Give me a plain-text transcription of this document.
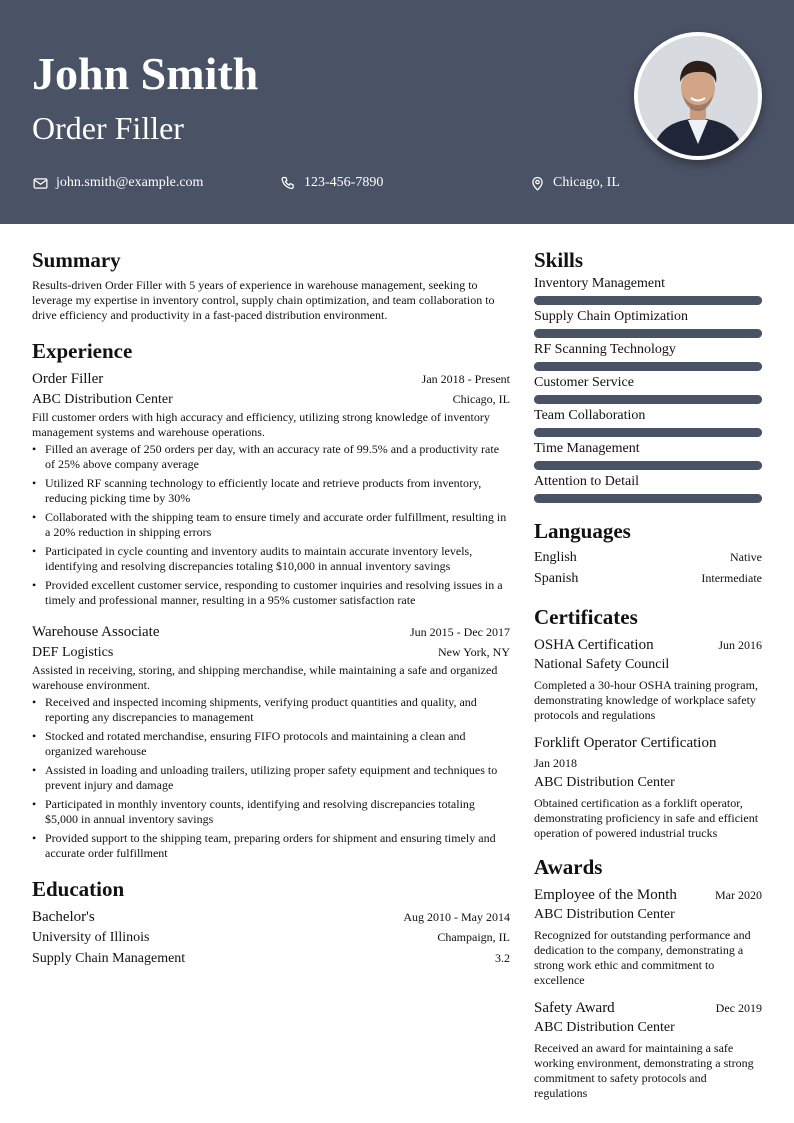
John Smith
Order Filler
john.smith@example.com	123-456-7890	Chicago, IL
Summary

Results-driven Order Filler with 5 years of experience in warehouse management, seeking to leverage my expertise in inventory control, supply chain optimization, and team collaboration to drive efficiency and productivity in a fast-paced distribution environment.

Experience
Order Filler	Jan 2018 - Present
ABC Distribution Center	Chicago, IL

Fill customer orders with high accuracy and efficiency, utilizing strong knowledge of inventory management systems and warehouse operations.

• Filled an average of 250 orders per day, with an accuracy rate of 99.5% and a productivity rate of 25% above company average
• Utilized RF scanning technology to efficiently locate and retrieve products from inventory, reducing picking time by 30%
• Collaborated with the shipping team to ensure timely and accurate order fulfillment, resulting in a 20% reduction in shipping errors
• Participated in cycle counting and inventory audits to maintain accurate inventory levels, identifying and resolving discrepancies totaling $10,000 in annual inventory savings
• Provided excellent customer service, responding to customer inquiries and resolving issues in a timely and professional manner, resulting in a 95% customer satisfaction rate
Warehouse Associate	Jun 2015 - Dec 2017
DEF Logistics	New York, NY

Assisted in receiving, storing, and shipping merchandise, while maintaining a safe and organized warehouse environment.

• Received and inspected incoming shipments, verifying product quantities and quality, and reporting any discrepancies to management
• Stocked and rotated merchandise, ensuring FIFO protocols and maintaining a clean and organized warehouse
• Assisted in loading and unloading trailers, utilizing proper safety equipment and techniques to prevent injury and damage
• Participated in monthly inventory counts, identifying and resolving discrepancies totaling $5,000 in annual inventory savings
• Provided support to the shipping team, preparing orders for shipment and ensuring timely and accurate order fulfillment
Education
Bachelor's	Aug 2010 - May 2014
University of Illinois	Champaign, IL
Supply Chain Management	3.2
Skills
Inventory Management
Supply Chain Optimization
RF Scanning Technology
Customer Service
Team Collaboration
Time Management
Attention to Detail
Languages
English	Native
Spanish	Intermediate
Certificates
OSHA Certification	Jun 2016
National Safety Council

Completed a 30-hour OSHA training program, demonstrating knowledge of workplace safety protocols and regulations

Forklift Operator Certification
Jan 2018
ABC Distribution Center

Obtained certification as a forklift operator, demonstrating proficiency in safe and efficient operation of powered industrial trucks

Awards
Employee of the Month	Mar 2020
ABC Distribution Center

Recognized for outstanding performance and dedication to the company, demonstrating a strong work ethic and commitment to excellence

Safety Award	Dec 2019
ABC Distribution Center

Received an award for maintaining a safe working environment, demonstrating a strong commitment to safety protocols and regulations
